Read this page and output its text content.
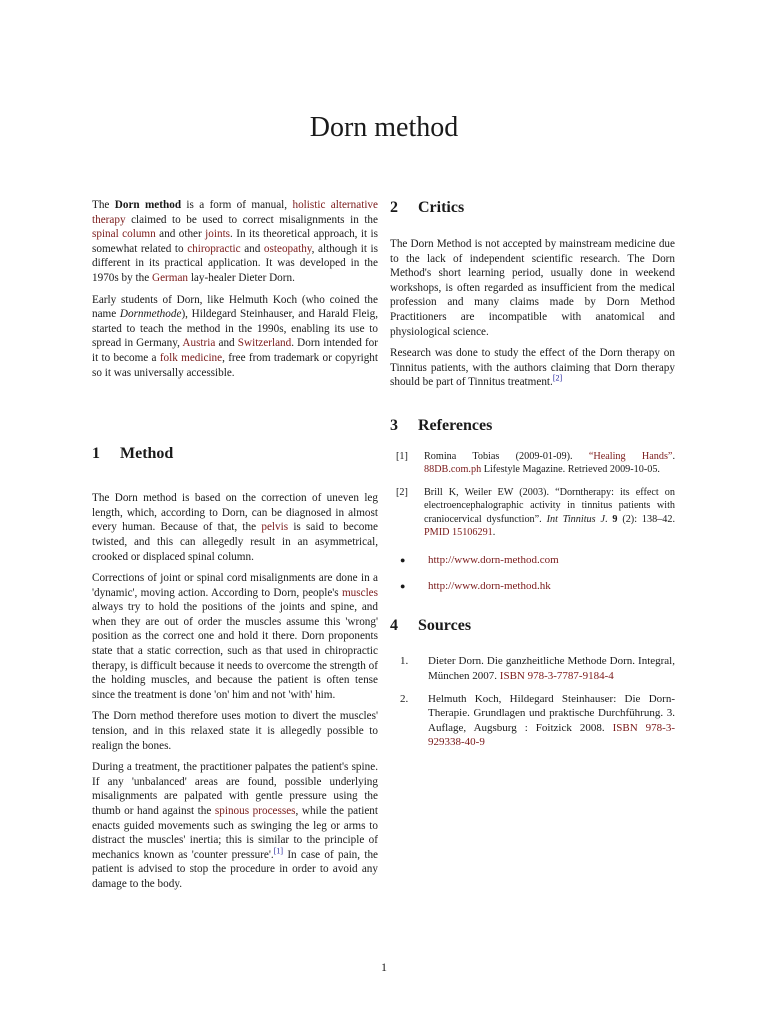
Dorn method

The Dorn method is a form of manual, holistic alternative therapy claimed to be used to correct misalignments in the spinal column and other joints. In its theoretical approach, it is somewhat related to chiropractic and osteopathy, although it is different in its practical application. It was developed in the 1970s by the German lay-healer Dieter Dorn.

Early students of Dorn, like Helmuth Koch (who coined the name Dornmethode), Hildegard Steinhauser, and Harald Fleig, started to teach the method in the 1990s, enabling its use to spread in Germany, Austria and Switzerland. Dorn intended for it to become a folk medicine, free from trademark or copyright so it was universally accessible.

1 Method

The Dorn method is based on the correction of uneven leg length, which, according to Dorn, can be diagnosed in almost every human. Because of that, the pelvis is said to become twisted, and this can allegedly result in an asymmetrical, crooked or displaced spinal column.

Corrections of joint or spinal cord misalignments are done in a 'dynamic', moving action. According to Dorn, people's muscles always try to hold the positions of the joints and spine, and when they are out of order the muscles assume this 'wrong' position as the correct one and hold it there. Dorn proponents state that a static correction, such as that used in chiropractic therapy, is difficult because it needs to overcome the strength of the holding muscles, and because the patient is often tense since the treatment is done 'on' him and not 'with' him.

The Dorn method therefore uses motion to divert the muscles' tension, and in this relaxed state it is allegedly possible to realign the bones.

During a treatment, the practitioner palpates the patient's spine. If any 'unbalanced' areas are found, possible underlying misalignments are palpated with gentle pressure using the thumb or hand against the spinous processes, while the patient enacts guided movements such as swinging the leg or arms to distract the muscles' inertia; this is similar to the principle of mechanics known as 'counter pressure'.[1] In case of pain, the patient is advised to stop the procedure in order to avoid any damage to the body.

2 Critics

The Dorn Method is not accepted by mainstream medicine due to the lack of independent scientific research. The Dorn Method's short learning period, usually done in weekend workshops, is often regarded as insufficient from the medical profession and many claims made by Dorn Method Practitioners are incompatible with anatomical and physiological science.

Research was done to study the effect of the Dorn therapy on Tinnitus patients, with the authors claiming that Dorn therapy should be part of Tinnitus treatment.[2]

3 References
[1]	Romina Tobias (2009-01-09). “Healing Hands”. 88DB.com.ph Lifestyle Magazine. Retrieved 2009-10-05.
[2]	Brill K, Weiler EW (2003). “Dorntherapy: its effect on electroencephalographic activity in tinnitus patients with craniocervical dysfunction”. Int Tinnitus J. 9 (2): 138–42. PMID 15106291.
●	http://www.dorn-method.com
●	http://www.dorn-method.hk
4 Sources
1.	Dieter Dorn. Die ganzheitliche Methode Dorn. Integral, München 2007. ISBN 978-3-7787-9184-4
2.	Helmuth Koch, Hildegard Steinhauser: Die Dorn-Therapie. Grundlagen und praktische Durchführung. 3. Auflage, Augsburg : Foitzick 2008. ISBN 978-3-929338-40-9
1
